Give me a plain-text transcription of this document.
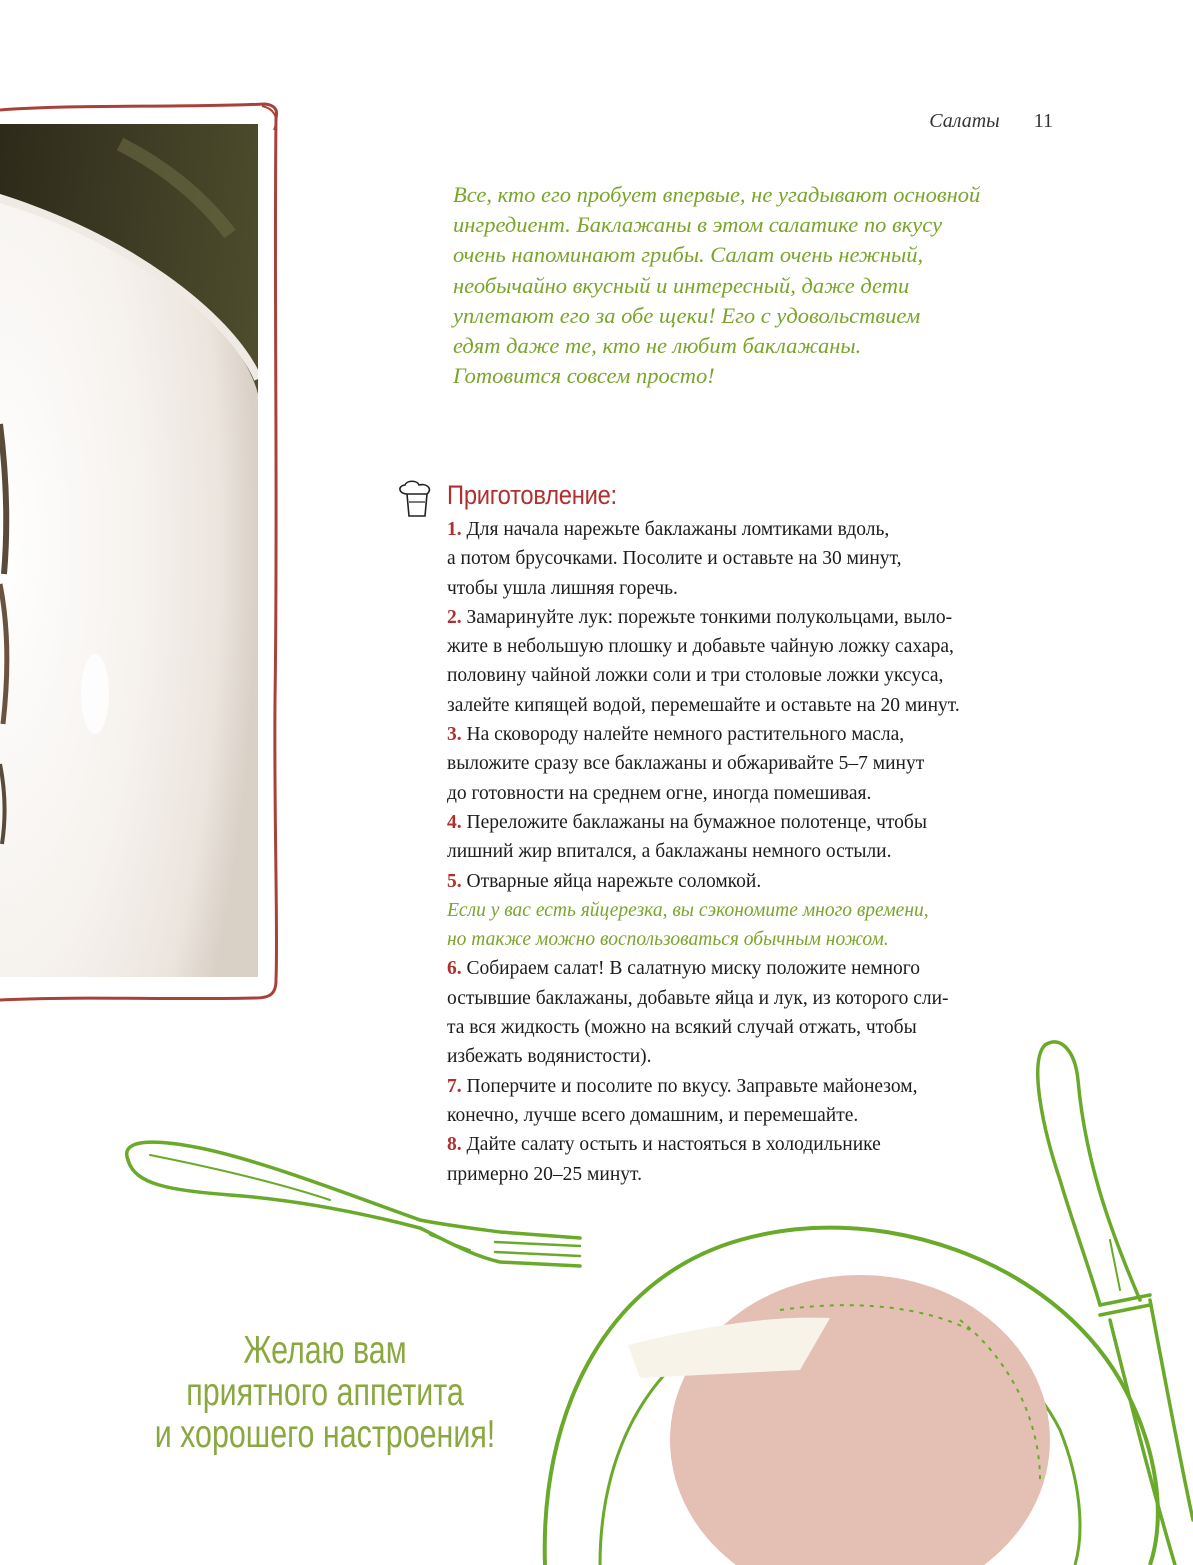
Салаты 11

Все, кто его пробует впервые, не угадывают основной

ингредиент. Баклажаны в этом салатике по вкусу

очень напоминают грибы. Салат очень нежный,

необычайно вкусный и интересный, даже дети

уплетают его за обе щеки! Его с удовольствием

едят даже те, кто не любит баклажаны.

Готовится совсем просто!

Приготовление:
1. Для начала нарежьте баклажаны ломтиками вдоль,
а потом брусочками. Посолите и оставьте на 30 минут,
чтобы ушла лишняя горечь.
2. Замаринуйте лук: порежьте тонкими полукольцами, выло-
жите в небольшую плошку и добавьте чайную ложку сахара,
половину чайной ложки соли и три столовые ложки уксуса,
залейте кипящей водой, перемешайте и оставьте на 20 минут.
3. На сковороду налейте немного растительного масла,
выложите сразу все баклажаны и обжаривайте 5–7 минут
до готовности на среднем огне, иногда помешивая.
4. Переложите баклажаны на бумажное полотенце, чтобы
лишний жир впитался, а баклажаны немного остыли.
5. Отварные яйца нарежьте соломкой.
Если у вас есть яйцерезка, вы сэкономите много времени,
но также можно воспользоваться обычным ножом.
6. Собираем салат! В салатную миску положите немного
остывшие баклажаны, добавьте яйца и лук, из которого сли-
та вся жидкость (можно на всякий случай отжать, чтобы
избежать водянистости).
7. Поперчите и посолите по вкусу. Заправьте майонезом,
конечно, лучше всего домашним, и перемешайте.
8. Дайте салату остыть и настояться в холодильнике
примерно 20–25 минут.
Желаю вам
приятного аппетита
и хорошего настроения!
